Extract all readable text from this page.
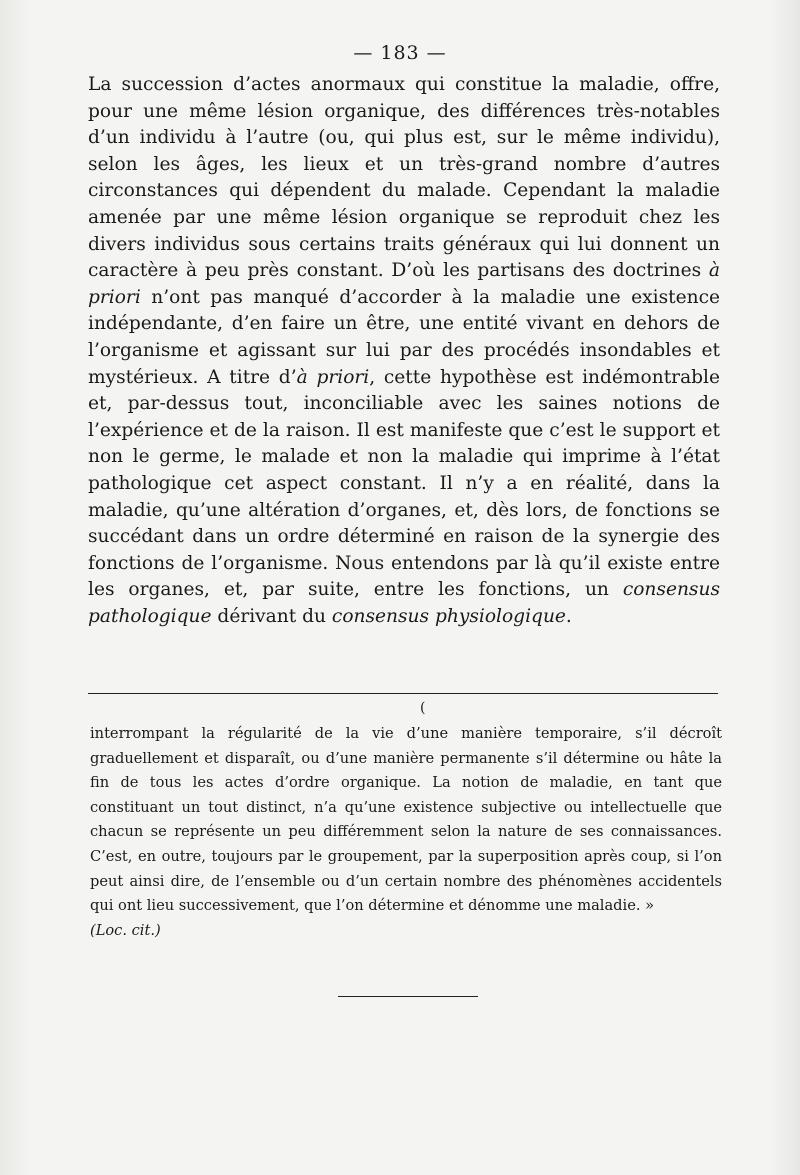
— 183 —

La succession d’actes anormaux qui constitue la maladie, offre, pour une même lésion organique, des différences très-notables d’un individu à l’autre (ou, qui plus est, sur le même individu), selon les âges, les lieux et un très-grand nombre d’autres circonstances qui dépendent du malade. Cependant la maladie amenée par une même lésion organique se reproduit chez les divers individus sous certains traits généraux qui lui donnent un caractère à peu près constant. D’où les partisans des doctrines à priori n’ont pas manqué d’accorder à la maladie une existence indépendante, d’en faire un être, une entité vivant en dehors de l’organisme et agissant sur lui par des procédés insondables et mystérieux. A titre d’à priori, cette hypothèse est indémontrable et, par-dessus tout, inconciliable avec les saines notions de l’expérience et de la raison. Il est manifeste que c’est le support et non le germe, le malade et non la maladie qui imprime à l’état pathologique cet aspect constant. Il n’y a en réalité, dans la maladie, qu’une altération d’organes, et, dès lors, de fonctions se succédant dans un ordre déterminé en raison de la synergie des fonctions de l’organisme. Nous entendons par là qu’il existe entre les organes, et, par suite, entre les fonctions, un consensus pathologique dérivant du consensus physiologique.

(

interrompant la régularité de la vie d’une manière temporaire, s’il décroît graduellement et disparaît, ou d’une manière permanente s’il détermine ou hâte la fin de tous les actes d’ordre organique. La notion de maladie, en tant que constituant un tout distinct, n’a qu’une existence subjective ou intellectuelle que chacun se représente un peu différemment selon la nature de ses connaissances. C’est, en outre, toujours par le groupement, par la superposition après coup, si l’on peut ainsi dire, de l’ensemble ou d’un certain nombre des phénomènes accidentels qui ont lieu successivement, que l’on détermine et dénomme une maladie. »
(Loc. cit.)
